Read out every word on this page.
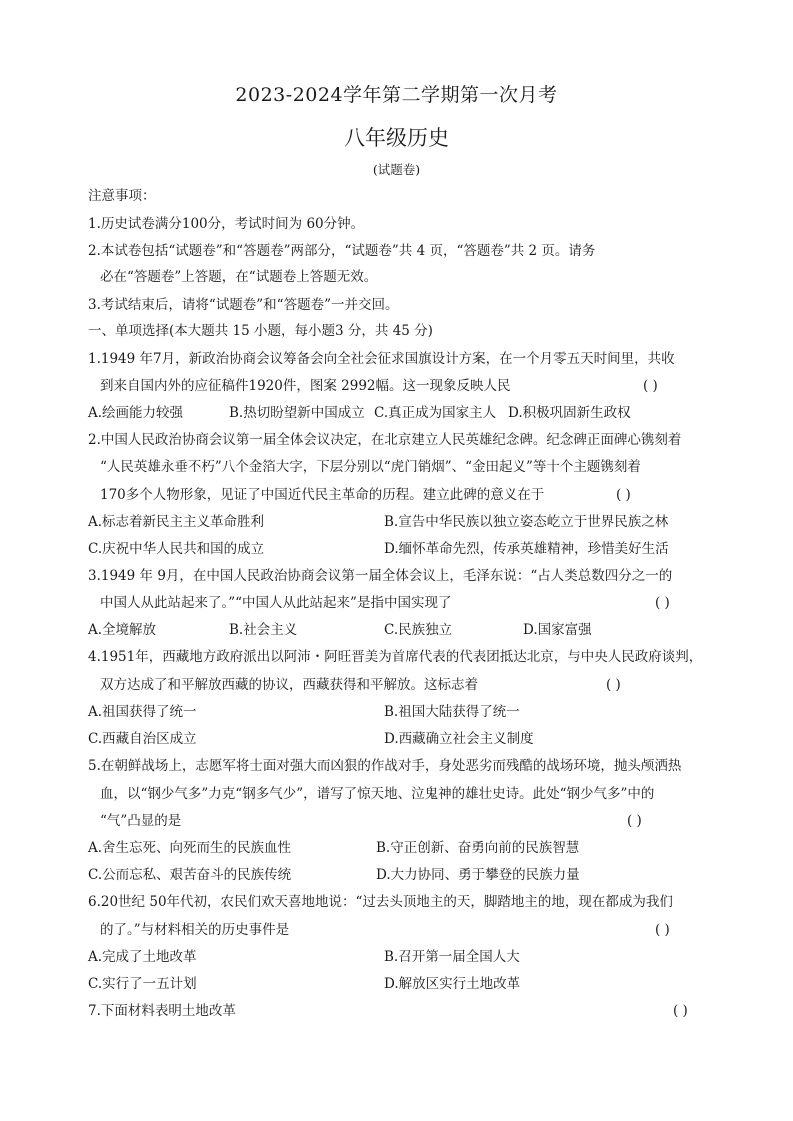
2023-2024学年第二学期第一次月考
八年级历史
(试题卷)
注意事项：
1.历史试卷满分100分，考试时间为 60分钟。
2.本试卷包括“试题卷”和“答题卷”两部分，“试题卷”共 4 页，“答题卷”共 2 页。请务
必在“答题卷”上答题，在“试题卷上答题无效。
3.考试结束后，请将“试题卷”和“答题卷”一并交回。
一、单项选择(本大题共 15 小题，每小题3 分，共 45 分)
1.1949 年7月，新政治协商会议筹备会向全社会征求国旗设计方案，在一个月零五天时间里，共收
到来自国内外的应征稿件1920件，图案 2992幅。这一现象反映人民	( )
A.绘画能力较强	B.热切盼望新中国成立 C.真正成为国家主人 D.积极巩固新生政权
2.中国人民政治协商会议第一届全体会议决定，在北京建立人民英雄纪念碑。纪念碑正面碑心镌刻着
“人民英雄永垂不朽”八个金箔大字，下层分别以“虎门销烟”、“金田起义”等十个主题镌刻着
170多个人物形象，见证了中国近代民主革命的历程。建立此碑的意义在于	( )
A.标志着新民主主义革命胜利	B.宣告中华民族以独立姿态屹立于世界民族之林
C.庆祝中华人民共和国的成立	D.缅怀革命先烈，传承英雄精神，珍惜美好生活
3.1949 年 9月，在中国人民政治协商会议第一届全体会议上，毛泽东说：“占人类总数四分之一的
中国人从此站起来了。”“中国人从此站起来”是指中国实现了	( )
A.全境解放	B.社会主义	C.民族独立	D.国家富强
4.1951年，西藏地方政府派出以阿沛・阿旺晋美为首席代表的代表团抵达北京，与中央人民政府谈判，
双方达成了和平解放西藏的协议，西藏获得和平解放。这标志着	( )
A.祖国获得了统一	B.祖国大陆获得了统一
C.西藏自治区成立	D.西藏确立社会主义制度
5.在朝鲜战场上，志愿军将士面对强大而凶狠的作战对手，身处恶劣而残酷的战场环境，抛头颅洒热
血，以“钢少气多”力克“钢多气少”，谱写了惊天地、泣鬼神的雄壮史诗。此处“钢少气多”中的
“气”凸显的是	( )
A.舍生忘死、向死而生的民族血性	B.守正创新、奋勇向前的民族智慧
C.公而忘私、艰苦奋斗的民族传统	D.大力协同、勇于攀登的民族力量
6.20世纪 50年代初，农民们欢天喜地地说：“过去头顶地主的天，脚踏地主的地，现在都成为我们
的了。”与材料相关的历史事件是	( )
A.完成了土地改革	B.召开第一届全国人大
C.实行了一五计划	D.解放区实行土地改革
7.下面材料表明土地改革	( )
